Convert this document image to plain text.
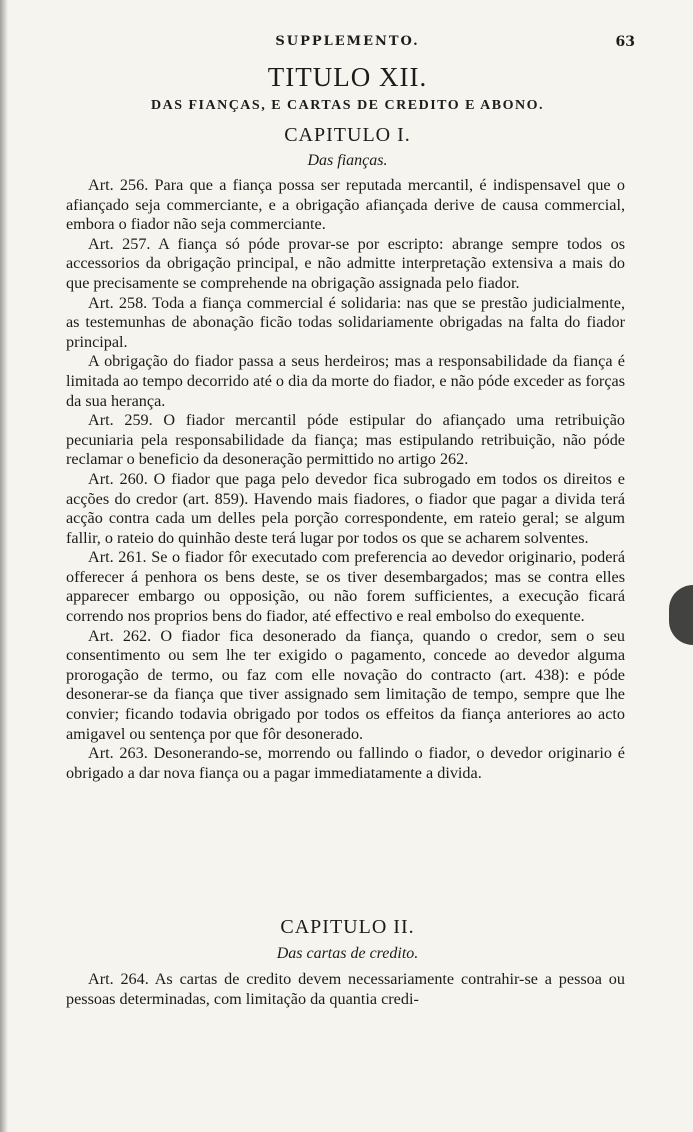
SUPPLEMENTO.	63
TITULO XII.
DAS FIANÇAS, E CARTAS DE CREDITO E ABONO.
CAPITULO I.
Das fianças.

Art. 256. Para que a fiança possa ser reputada mercantil, é indispensavel que o afiançado seja commerciante, e a obrigação afiançada derive de causa commercial, embora o fiador não seja commerciante.

Art. 257. A fiança só póde provar-se por escripto: abrange sempre todos os accessorios da obrigação principal, e não admitte interpretação extensiva a mais do que precisamente se comprehende na obrigação assignada pelo fiador.

Art. 258. Toda a fiança commercial é solidaria: nas que se prestão judicialmente, as testemunhas de abonação ficão todas solidariamente obrigadas na falta do fiador principal.

A obrigação do fiador passa a seus herdeiros; mas a responsabilidade da fiança é limitada ao tempo decorrido até o dia da morte do fiador, e não póde exceder as forças da sua herança.

Art. 259. O fiador mercantil póde estipular do afiançado uma retribuição pecuniaria pela responsabilidade da fiança; mas estipulando retribuição, não póde reclamar o beneficio da desoneração permittido no artigo 262.

Art. 260. O fiador que paga pelo devedor fica subrogado em todos os direitos e acções do credor (art. 859). Havendo mais fiadores, o fiador que pagar a divida terá acção contra cada um delles pela porção correspondente, em rateio geral; se algum fallir, o rateio do quinhão deste terá lugar por todos os que se acharem solventes.

Art. 261. Se o fiador fôr executado com preferencia ao devedor originario, poderá offerecer á penhora os bens deste, se os tiver desembargados; mas se contra elles apparecer embargo ou opposição, ou não forem sufficientes, a execução ficará correndo nos proprios bens do fiador, até effectivo e real embolso do exequente.

Art. 262. O fiador fica desonerado da fiança, quando o credor, sem o seu consentimento ou sem lhe ter exigido o pagamento, concede ao devedor alguma prorogação de termo, ou faz com elle novação do contracto (art. 438): e póde desonerar-se da fiança que tiver assignado sem limitação de tempo, sempre que lhe convier; ficando todavia obrigado por todos os effeitos da fiança anteriores ao acto amigavel ou sentença por que fôr desonerado.

Art. 263. Desonerando-se, morrendo ou fallindo o fiador, o devedor originario é obrigado a dar nova fiança ou a pagar immediatamente a divida.

CAPITULO II.
Das cartas de credito.

Art. 264. As cartas de credito devem necessariamente contrahir-se a pessoa ou pessoas determinadas, com limitação da quantia credi-
